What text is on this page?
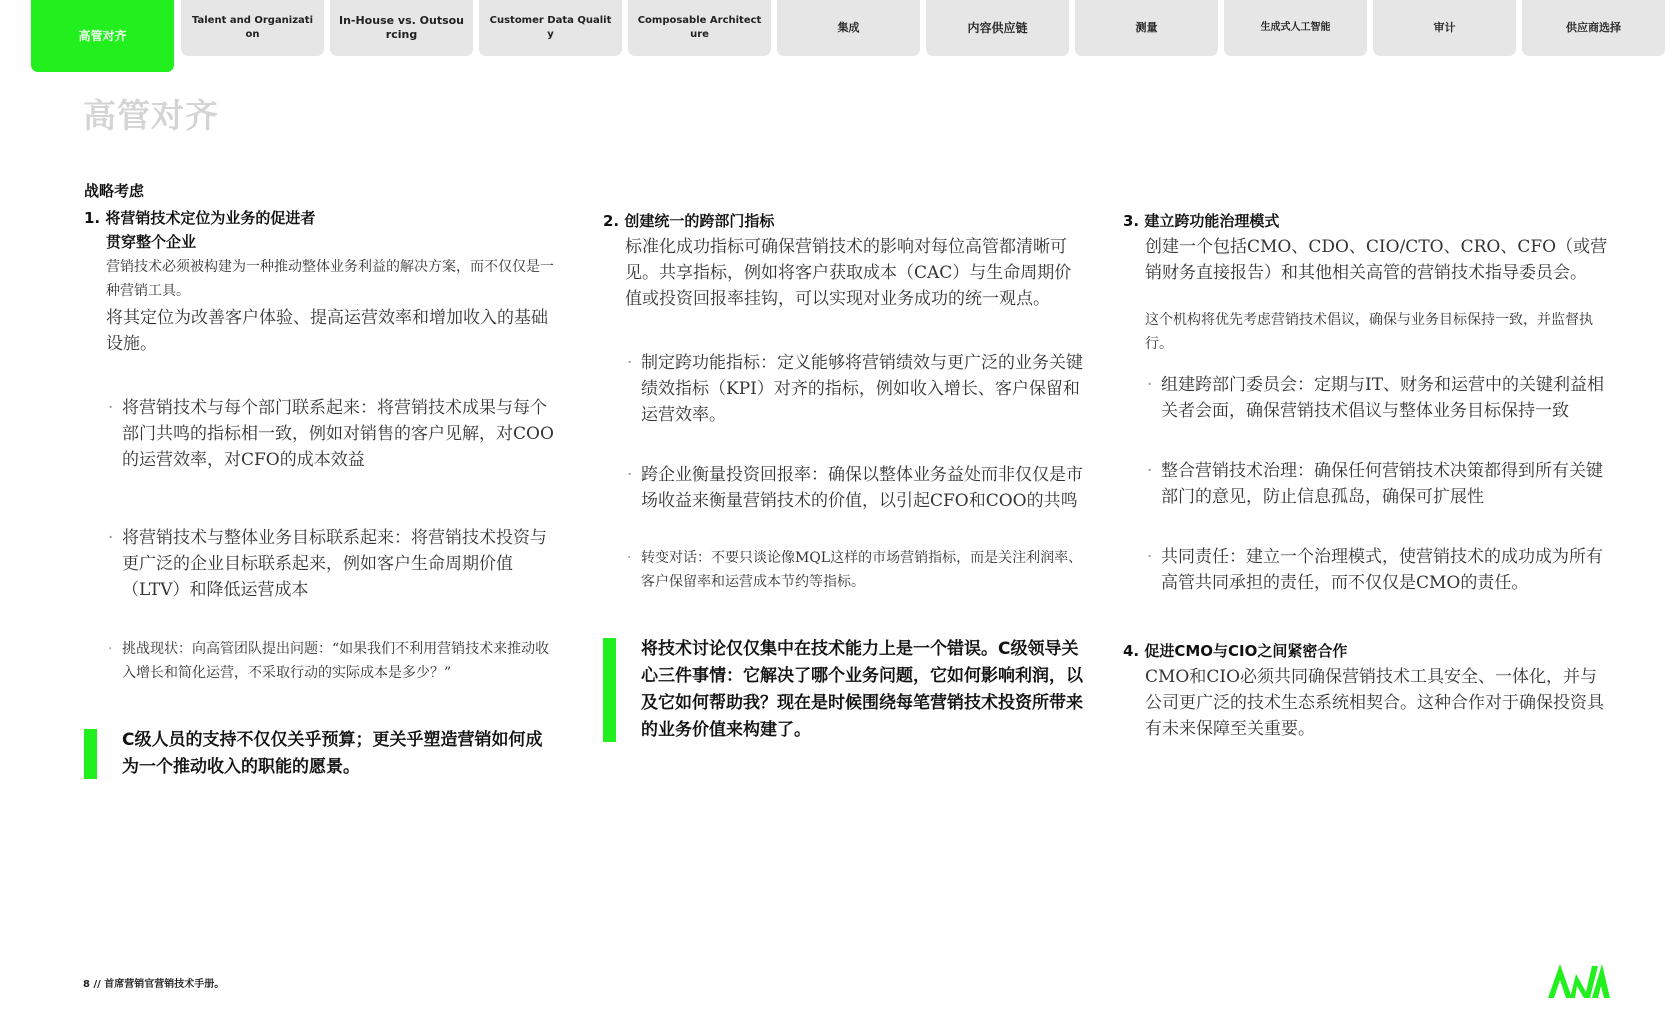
高管对齐
Talent and Organization
In-House vs. Outsourcing
Customer Data Quality
Composable Architecture
集成	内容供应链	测量	生成式人工智能	审计	供应商选择
高管对齐
战略考虑
1. 将营销技术定位为业务的促进者
贯穿整个企业

营销技术必须被构建为一种推动整体业务利益的解决方案，而不仅仅是一种营销工具。

将其定位为改善客户体验、提高运营效率和增加收入的基础设施。

· 将营销技术与每个部门联系起来：将营销技术成果与每个部门共鸣的指标相一致，例如对销售的客户见解，对COO的运营效率，对CFO的成本效益

· 将营销技术与整体业务目标联系起来：将营销技术投资与更广泛的企业目标联系起来，例如客户生命周期价值（LTV）和降低运营成本

· 挑战现状：向高管团队提出问题：“如果我们不利用营销技术来推动收入增长和简化运营，不采取行动的实际成本是多少？”

C级人员的支持不仅仅关乎预算；更关乎塑造营销如何成为一个推动收入的职能的愿景。
2. 创建统一的跨部门指标

标准化成功指标可确保营销技术的影响对每位高管都清晰可见。共享指标，例如将客户获取成本（CAC）与生命周期价值或投资回报率挂钩，可以实现对业务成功的统一观点。

· 制定跨功能指标：定义能够将营销绩效与更广泛的业务关键绩效指标（KPI）对齐的指标，例如收入增长、客户保留和运营效率。

· 跨企业衡量投资回报率：确保以整体业务益处而非仅仅是市场收益来衡量营销技术的价值，以引起CFO和COO的共鸣

· 转变对话：不要只谈论像MQL这样的市场营销指标，而是关注利润率、客户保留率和运营成本节约等指标。

将技术讨论仅仅集中在技术能力上是一个错误。C级领导关心三件事情：它解决了哪个业务问题，它如何影响利润，以及它如何帮助我？现在是时候围绕每笔营销技术投资所带来的业务价值来构建了。
3. 建立跨功能治理模式

创建一个包括CMO、CDO、CIO/CTO、CRO、CFO（或营销财务直接报告）和其他相关高管的营销技术指导委员会。

这个机构将优先考虑营销技术倡议，确保与业务目标保持一致，并监督执行。

· 组建跨部门委员会：定期与IT、财务和运营中的关键利益相关者会面，确保营销技术倡议与整体业务目标保持一致

· 整合营销技术治理：确保任何营销技术决策都得到所有关键部门的意见，防止信息孤岛，确保可扩展性

· 共同责任：建立一个治理模式，使营销技术的成功成为所有高管共同承担的责任，而不仅仅是CMO的责任。

4. 促进CMO与CIO之间紧密合作

CMO和CIO必须共同确保营销技术工具安全、一体化，并与公司更广泛的技术生态系统相契合。这种合作对于确保投资具有未来保障至关重要。

8 // 首席营销官营销技术手册。
